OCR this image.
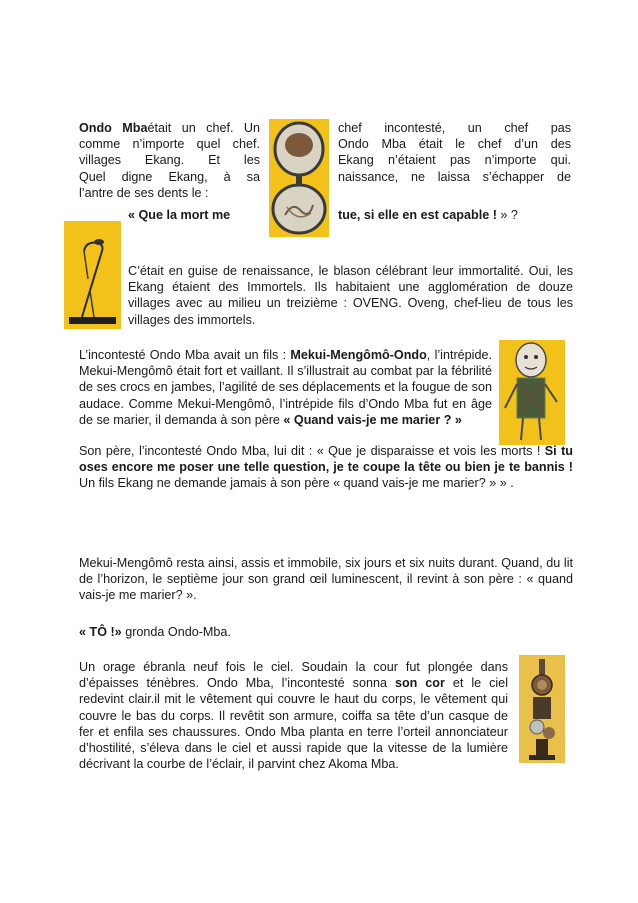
Ondo Mbaétait un chef. Un
comme n’importe quel chef.
villages Ekang. Et les
Quel digne Ekang, à sa
l’antre de ses dents le :
chef incontesté, un chef pas
Ondo Mba était le chef d’un des
Ekang n’étaient pas n’importe qui.
naissance, ne laissa s’échapper de
« Que la mort me	tue, si elle en est capable ! » ?
C’était en guise de renaissance, le blason célébrant leur immortalité. Oui, les Ekang étaient des Immortels. Ils habitaient une agglomération de douze villages avec au milieu un treizième : OVENG. Oveng, chef-lieu de tous les villages des immortels.
L’incontesté Ondo Mba avait un fils : Mekui-Mengômô-Ondo, l’intrépide. Mekui-Mengômô était fort et vaillant. Il s’illustrait au combat par la fébrilité de ses crocs en jambes, l’agilité de ses déplacements et la fougue de son audace. Comme Mekui-Mengômô, l’intrépide fils d’Ondo Mba fut en âge de se marier, il demanda à son père « Quand vais-je me marier ? »
Son père, l’incontesté Ondo Mba, lui dit : « Que je disparaisse et vois les morts ! Si tu oses encore me poser une telle question, je te coupe la tête ou bien je te bannis ! Un fils Ekang ne demande jamais à son père « quand vais-je me marier? » » .
Mekui-Mengômô resta ainsi, assis et immobile, six jours et six nuits durant. Quand, du lit de l’horizon, le septième jour son grand œil luminescent, il revint à son père : « quand vais-je me marier? ».
« TÔ !» gronda Ondo-Mba.
Un orage ébranla neuf fois le ciel. Soudain la cour fut plongée dans d’épaisses ténèbres. Ondo Mba, l’incontesté sonna son cor et le ciel redevint clair.il mit le vêtement qui couvre le haut du corps, le vêtement qui couvre le bas du corps. Il revêtit son armure, coiffa sa tête d’un casque de fer et enfila ses chaussures. Ondo Mba planta en terre l’orteil annonciateur d’hostilité, s’éleva dans le ciel et aussi rapide que la vitesse de la lumière décrivant la courbe de l’éclair, il parvint chez Akoma Mba.
